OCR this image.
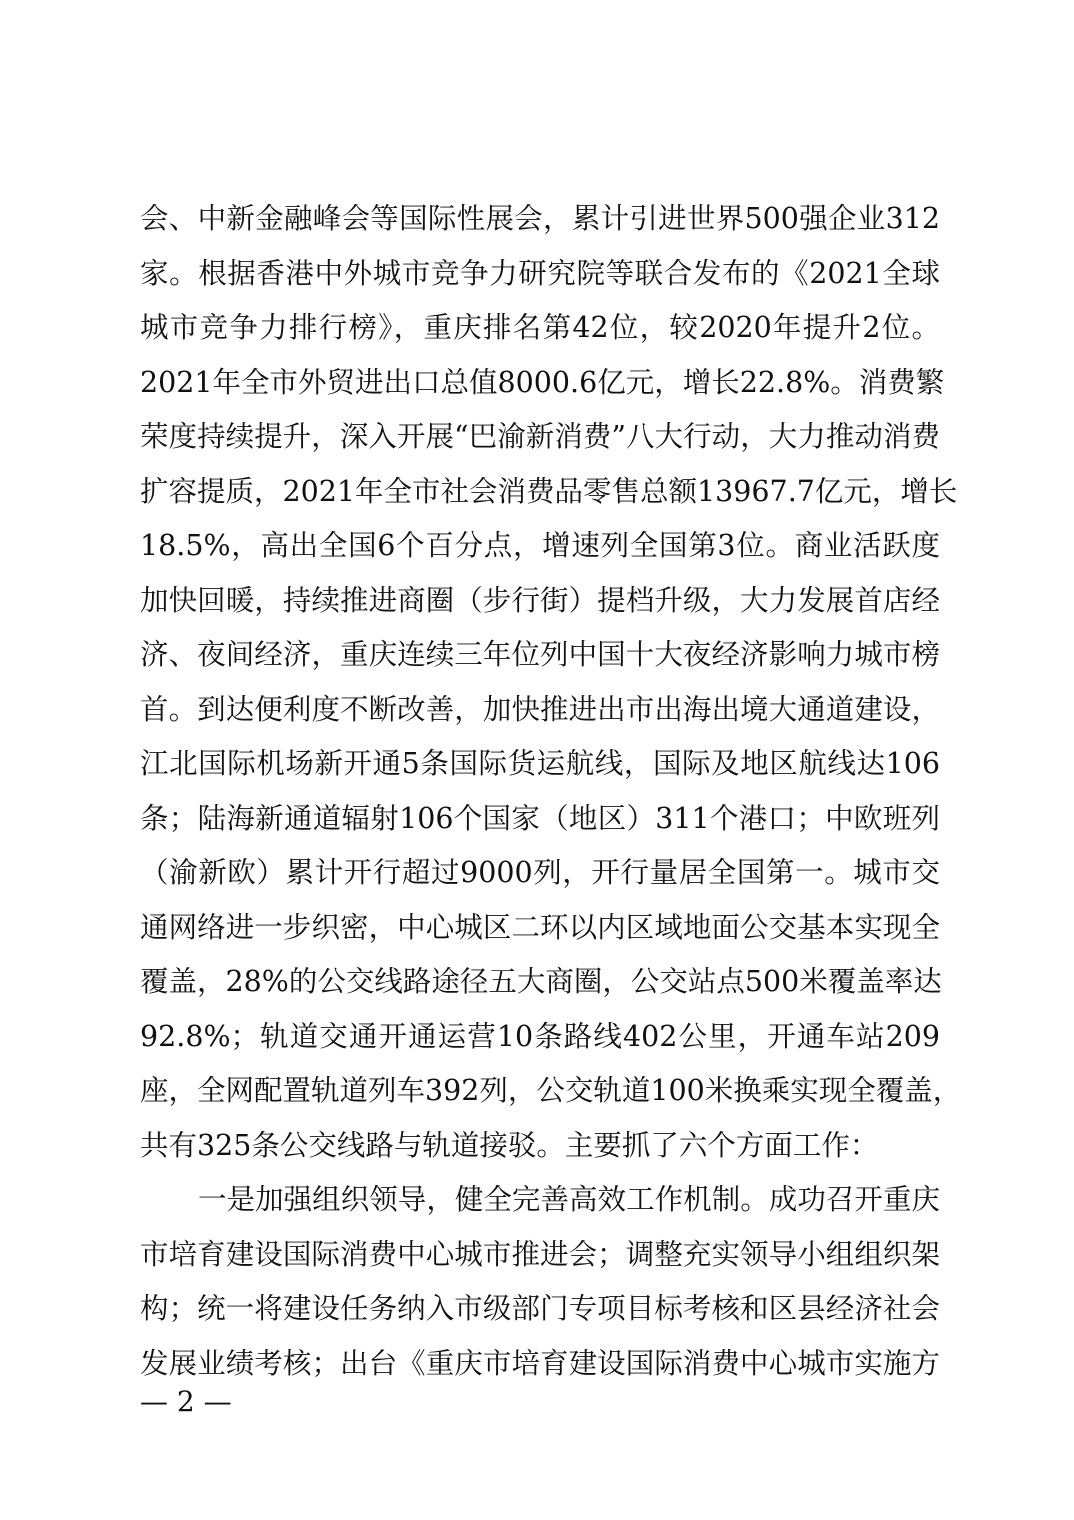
会、中新金融峰会等国际性展会，累计引进世界500强企业312
家。根据香港中外城市竞争力研究院等联合发布的《2021全球
城市竞争力排行榜》，重庆排名第42位，较2020年提升2位。
2021年全市外贸进出口总值8000.6亿元，增长22.8%。消费繁
荣度持续提升，深入开展“巴渝新消费”八大行动，大力推动消费
扩容提质，2021年全市社会消费品零售总额13967.7亿元，增长
18.5%，高出全国6个百分点，增速列全国第3位。商业活跃度
加快回暖，持续推进商圈（步行街）提档升级，大力发展首店经
济、夜间经济，重庆连续三年位列中国十大夜经济影响力城市榜
首。到达便利度不断改善，加快推进出市出海出境大通道建设，
江北国际机场新开通5条国际货运航线，国际及地区航线达106
条；陆海新通道辐射106个国家（地区）311个港口；中欧班列
（渝新欧）累计开行超过9000列，开行量居全国第一。城市交
通网络进一步织密，中心城区二环以内区域地面公交基本实现全
覆盖，28%的公交线路途径五大商圈，公交站点500米覆盖率达
92.8%；轨道交通开通运营10条路线402公里，开通车站209
座，全网配置轨道列车392列，公交轨道100米换乘实现全覆盖，
共有325条公交线路与轨道接驳。主要抓了六个方面工作：
一是加强组织领导，健全完善高效工作机制。成功召开重庆
市培育建设国际消费中心城市推进会；调整充实领导小组组织架
构；统一将建设任务纳入市级部门专项目标考核和区县经济社会
发展业绩考核；出台《重庆市培育建设国际消费中心城市实施方
— 2 —
